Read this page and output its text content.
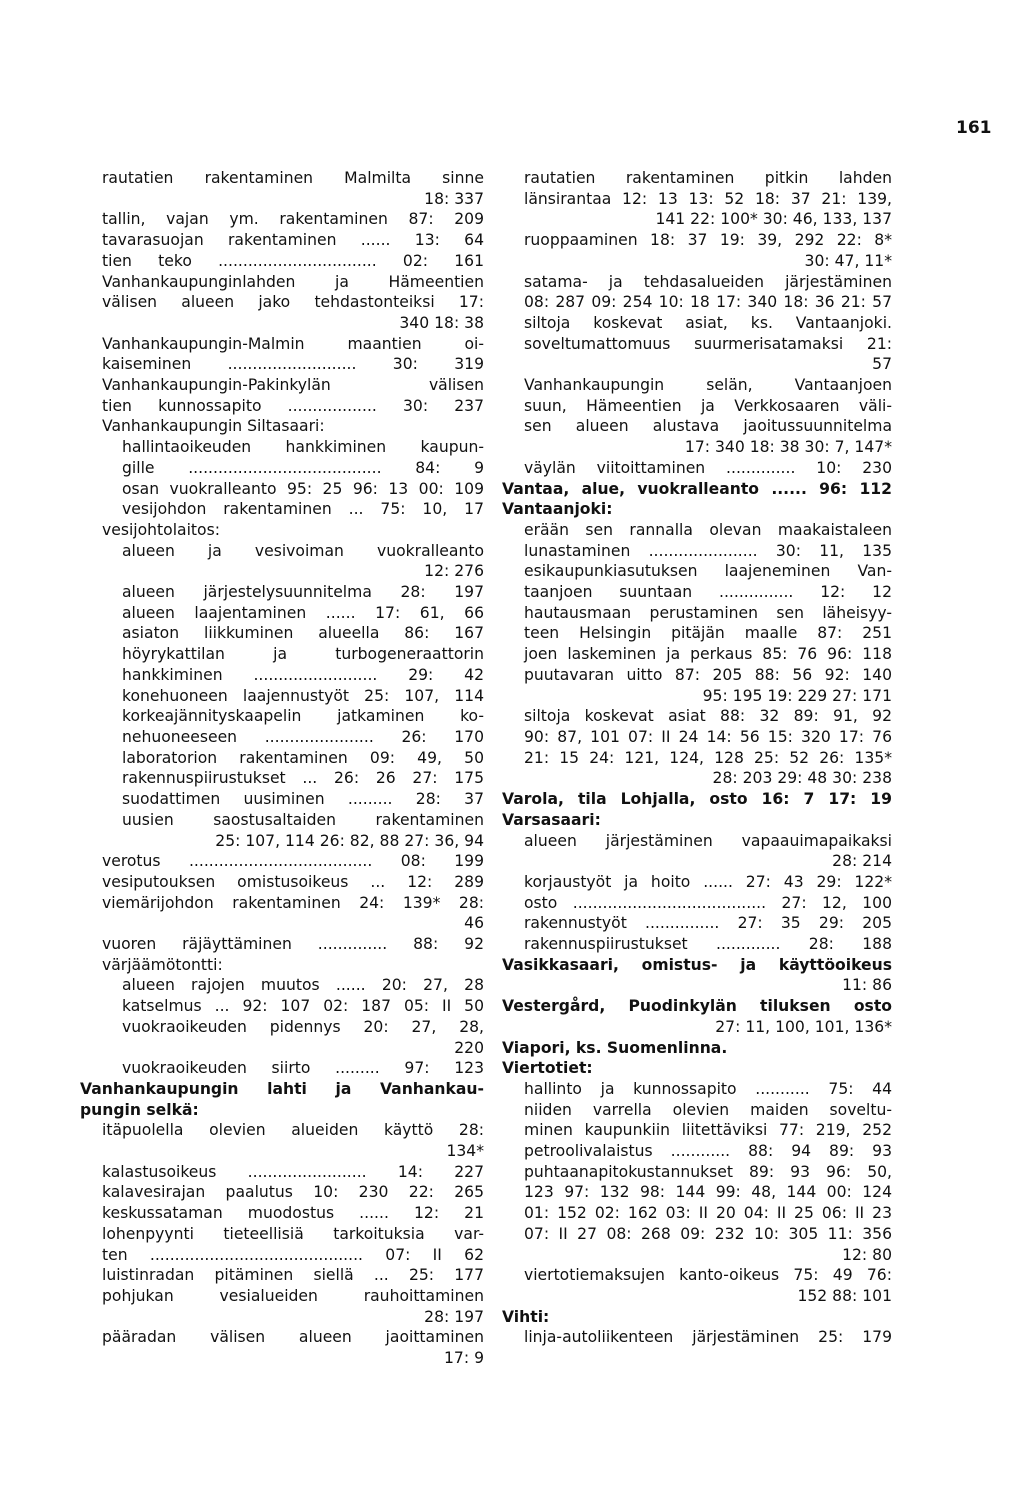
161
rautatien rakentaminen Malmilta sinne
18: 337
tallin, vajan ym. rakentaminen 87: 209
tavarasuojan rakentaminen ...... 13: 64
tien teko ................................ 02: 161
Vanhankaupunginlahden ja Hämeentien
välisen alueen jako tehdastonteiksi 17:
340 18: 38
Vanhankaupungin-Malmin maantien oi-
kaiseminen .......................... 30: 319
Vanhankaupungin-Pakinkylän välisen
tien kunnossapito .................. 30: 237
Vanhankaupungin Siltasaari:
hallintaoikeuden hankkiminen kaupun-
gille ....................................... 84: 9
osan vuokralleanto 95: 25 96: 13 00: 109
vesijohdon rakentaminen ... 75: 10, 17
vesijohtolaitos:
alueen ja vesivoiman vuokralleanto
12: 276
alueen järjestelysuunnitelma 28: 197
alueen laajentaminen ...... 17: 61, 66
asiaton liikkuminen alueella 86: 167
höyrykattilan ja turbogeneraattorin
hankkiminen ......................... 29: 42
konehuoneen laajennustyöt 25: 107, 114
korkeajännityskaapelin jatkaminen ko-
nehuoneeseen ...................... 26: 170
laboratorion rakentaminen 09: 49, 50
rakennuspiirustukset ... 26: 26 27: 175
suodattimen uusiminen ......... 28: 37
uusien saostusaltaiden rakentaminen
25: 107, 114 26: 82, 88 27: 36, 94
verotus ..................................... 08: 199
vesiputouksen omistusoikeus ... 12: 289
viemärijohdon rakentaminen 24: 139* 28:
46
vuoren räjäyttäminen .............. 88: 92
värjäämötontti:
alueen rajojen muutos ...... 20: 27, 28
katselmus ... 92: 107 02: 187 05: II 50
vuokraoikeuden pidennys 20: 27, 28,
220
vuokraoikeuden siirto ......... 97: 123
Vanhankaupungin lahti ja Vanhankau-
pungin selkä:
itäpuolella olevien alueiden käyttö 28:
134*
kalastusoikeus ........................ 14: 227
kalavesirajan paalutus 10: 230 22: 265
keskussataman muodostus ...... 12: 21
lohenpyynti tieteellisiä tarkoituksia var-
ten ........................................... 07: II 62
luistinradan pitäminen siellä ... 25: 177
pohjukan vesialueiden rauhoittaminen
28: 197
pääradan välisen alueen jaoittaminen
17: 9
rautatien rakentaminen pitkin lahden
länsirantaa 12: 13 13: 52 18: 37 21: 139,
141 22: 100* 30: 46, 133, 137
ruoppaaminen 18: 37 19: 39, 292 22: 8*
30: 47, 11*
satama- ja tehdasalueiden järjestäminen
08: 287 09: 254 10: 18 17: 340 18: 36 21: 57
siltoja koskevat asiat, ks. Vantaanjoki.
soveltumattomuus suurmerisatamaksi 21:
57
Vanhankaupungin selän, Vantaanjoen
suun, Hämeentien ja Verkkosaaren väli-
sen alueen alustava jaoitussuunnitelma
17: 340 18: 38 30: 7, 147*
väylän viitoittaminen .............. 10: 230
Vantaa, alue, vuokralleanto ...... 96: 112
Vantaanjoki:
erään sen rannalla olevan maakaistaleen
lunastaminen ...................... 30: 11, 135
esikaupunkiasutuksen laajeneminen Van-
taanjoen suuntaan ............... 12: 12
hautausmaan perustaminen sen läheisyy-
teen Helsingin pitäjän maalle 87: 251
joen laskeminen ja perkaus 85: 76 96: 118
puutavaran uitto 87: 205 88: 56 92: 140
95: 195 19: 229 27: 171
siltoja koskevat asiat 88: 32 89: 91, 92
90: 87, 101 07: II 24 14: 56 15: 320 17: 76
21: 15 24: 121, 124, 128 25: 52 26: 135*
28: 203 29: 48 30: 238
Varola, tila Lohjalla, osto 16: 7 17: 19
Varsasaari:
alueen järjestäminen vapaauimapaikaksi
28: 214
korjaustyöt ja hoito ...... 27: 43 29: 122*
osto ....................................... 27: 12, 100
rakennustyöt ............... 27: 35 29: 205
rakennuspiirustukset ............. 28: 188
Vasikkasaari, omistus- ja käyttöoikeus
11: 86
Vestergård, Puodinkylän tiluksen osto
27: 11, 100, 101, 136*
Viapori, ks. Suomenlinna.
Viertotiet:
hallinto ja kunnossapito ........... 75: 44
niiden varrella olevien maiden soveltu-
minen kaupunkiin liitettäviksi 77: 219, 252
petroolivalaistus ............ 88: 94 89: 93
puhtaanapitokustannukset 89: 93 96: 50,
123 97: 132 98: 144 99: 48, 144 00: 124
01: 152 02: 162 03: II 20 04: II 25 06: II 23
07: II 27 08: 268 09: 232 10: 305 11: 356
12: 80
viertotiemaksujen kanto-oikeus 75: 49 76:
152 88: 101
Vihti:
linja-autoliikenteen järjestäminen 25: 179
